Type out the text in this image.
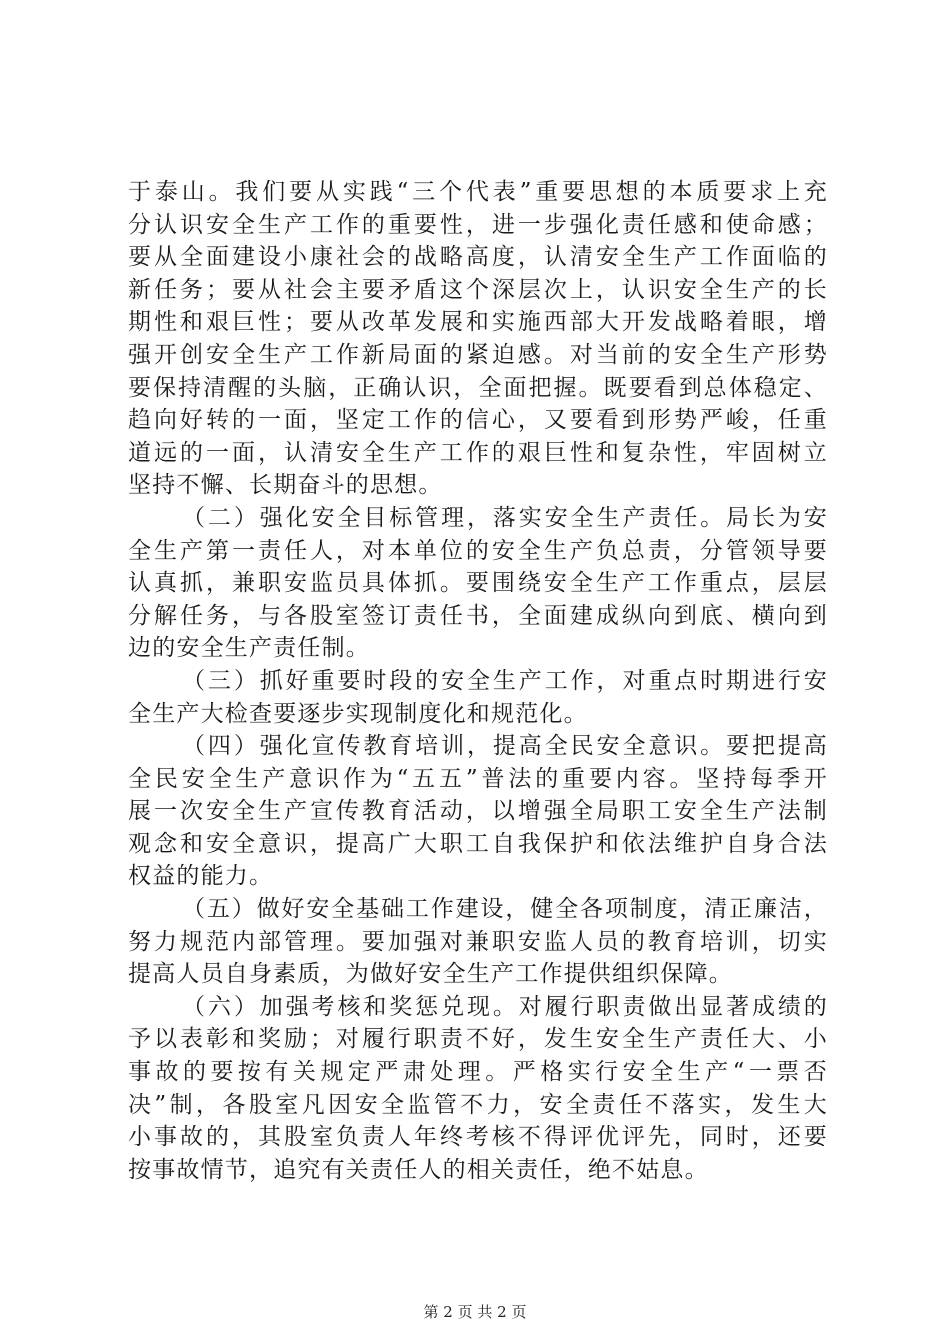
于泰山。我们要从实践“三个代表”重要思想的本质要求上充
分认识安全生产工作的重要性，进一步强化责任感和使命感；
要从全面建设小康社会的战略高度，认清安全生产工作面临的
新任务；要从社会主要矛盾这个深层次上，认识安全生产的长
期性和艰巨性；要从改革发展和实施西部大开发战略着眼，增
强开创安全生产工作新局面的紧迫感。对当前的安全生产形势
要保持清醒的头脑，正确认识，全面把握。既要看到总体稳定、
趋向好转的一面，坚定工作的信心，又要看到形势严峻，任重
道远的一面，认清安全生产工作的艰巨性和复杂性，牢固树立
坚持不懈、长期奋斗的思想。
（二）强化安全目标管理，落实安全生产责任。局长为安
全生产第一责任人，对本单位的安全生产负总责，分管领导要
认真抓，兼职安监员具体抓。要围绕安全生产工作重点，层层
分解任务，与各股室签订责任书，全面建成纵向到底、横向到
边的安全生产责任制。
（三）抓好重要时段的安全生产工作，对重点时期进行安
全生产大检查要逐步实现制度化和规范化。
（四）强化宣传教育培训，提高全民安全意识。要把提高
全民安全生产意识作为“五五”普法的重要内容。坚持每季开
展一次安全生产宣传教育活动，以增强全局职工安全生产法制
观念和安全意识，提高广大职工自我保护和依法维护自身合法
权益的能力。
（五）做好安全基础工作建设，健全各项制度，清正廉洁，
努力规范内部管理。要加强对兼职安监人员的教育培训，切实
提高人员自身素质，为做好安全生产工作提供组织保障。
（六）加强考核和奖惩兑现。对履行职责做出显著成绩的
予以表彰和奖励；对履行职责不好，发生安全生产责任大、小
事故的要按有关规定严肃处理。严格实行安全生产“一票否
决”制，各股室凡因安全监管不力，安全责任不落实，发生大
小事故的，其股室负责人年终考核不得评优评先，同时，还要
按事故情节，追究有关责任人的相关责任，绝不姑息。
第 2 页 共 2 页
